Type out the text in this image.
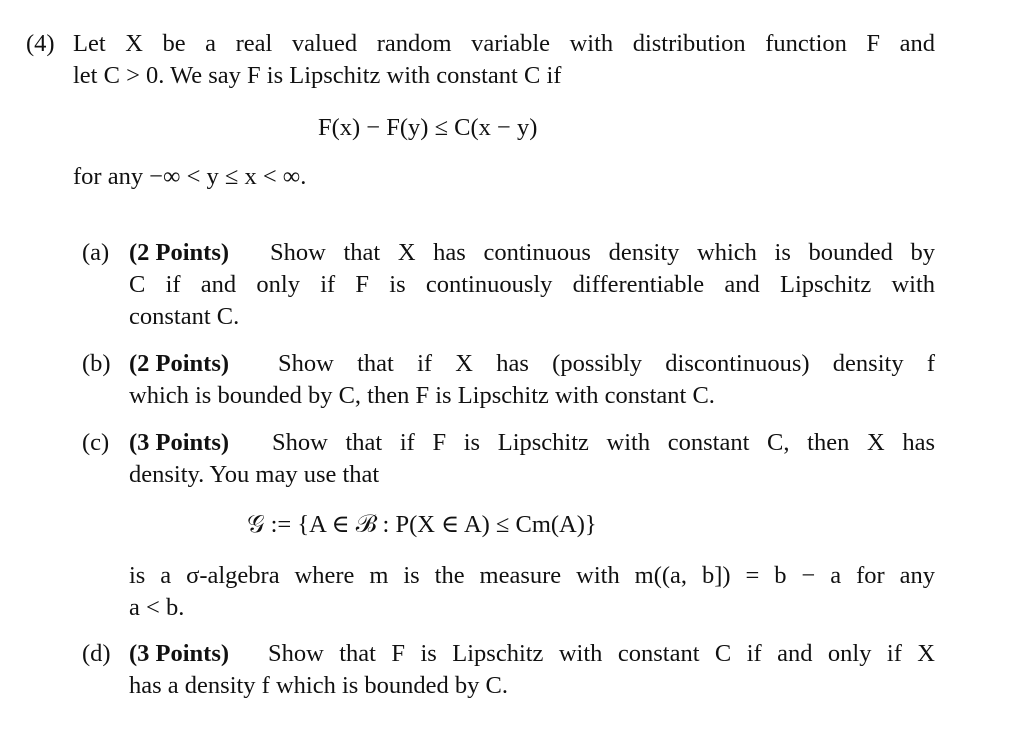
(4) Let X be a real valued random variable with distribution function F and
let C > 0. We say F is Lipschitz with constant C if
F(x) − F(y) ≤ C(x − y)
for any −∞ < y ≤ x < ∞.
(a) (2 Points) Show that X has continuous density which is bounded by
C if and only if F is continuously differentiable and Lipschitz with
constant C.
(b) (2 Points) Show that if X has (possibly discontinuous) density f
which is bounded by C, then F is Lipschitz with constant C.
(c) (3 Points) Show that if F is Lipschitz with constant C, then X has
density. You may use that
𝒢 := {A ∈ ℬ : P(X ∈ A) ≤ Cm(A)}
is a σ-algebra where m is the measure with m((a, b]) = b − a for any
a < b.
(d) (3 Points) Show that F is Lipschitz with constant C if and only if X
has a density f which is bounded by C.
